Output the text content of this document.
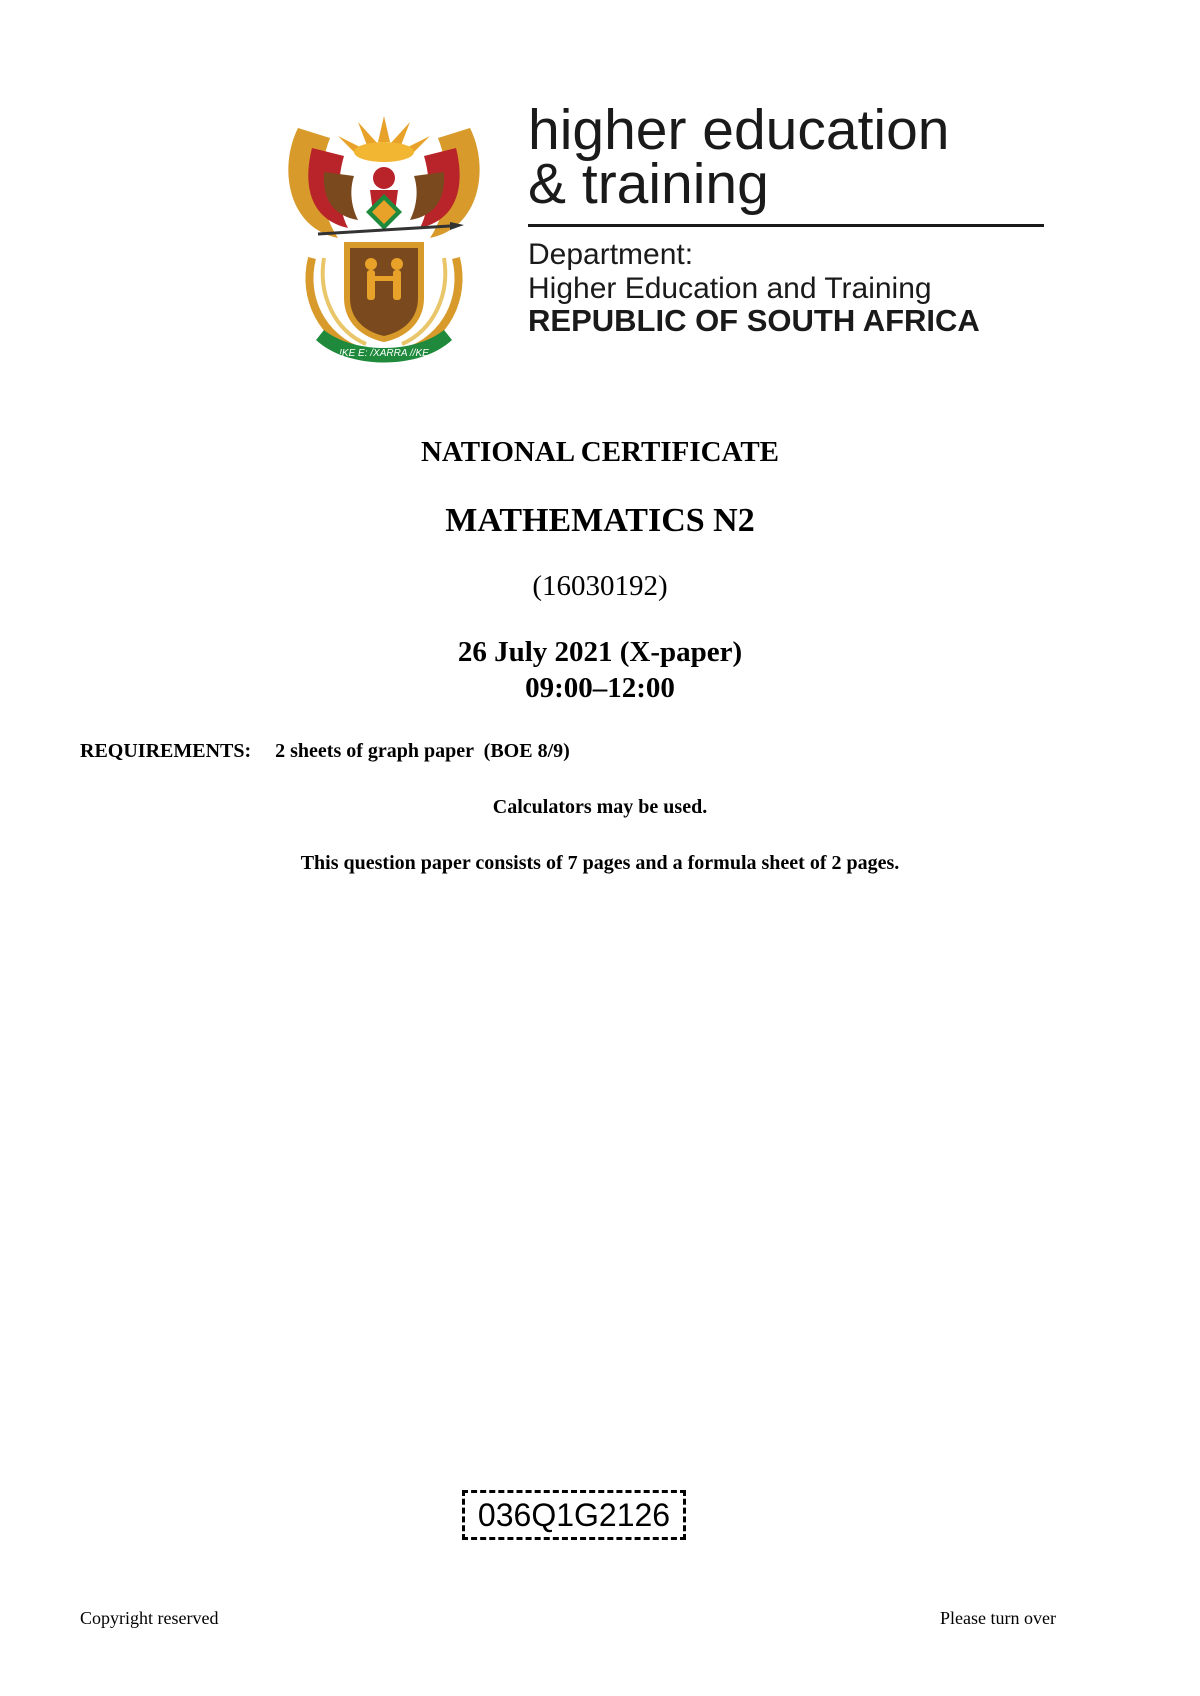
!KE E: /XARRA //KE
higher education
& training
Department:
Higher Education and Training
REPUBLIC OF SOUTH AFRICA
NATIONAL CERTIFICATE
MATHEMATICS N2
(16030192)
26 July 2021 (X-paper)
09:00–12:00
REQUIREMENTS: 2 sheets of graph paper  (BOE 8/9)
Calculators may be used.
This question paper consists of 7 pages and a formula sheet of 2 pages.
036Q1G2126
Copyright reserved	Please turn over
